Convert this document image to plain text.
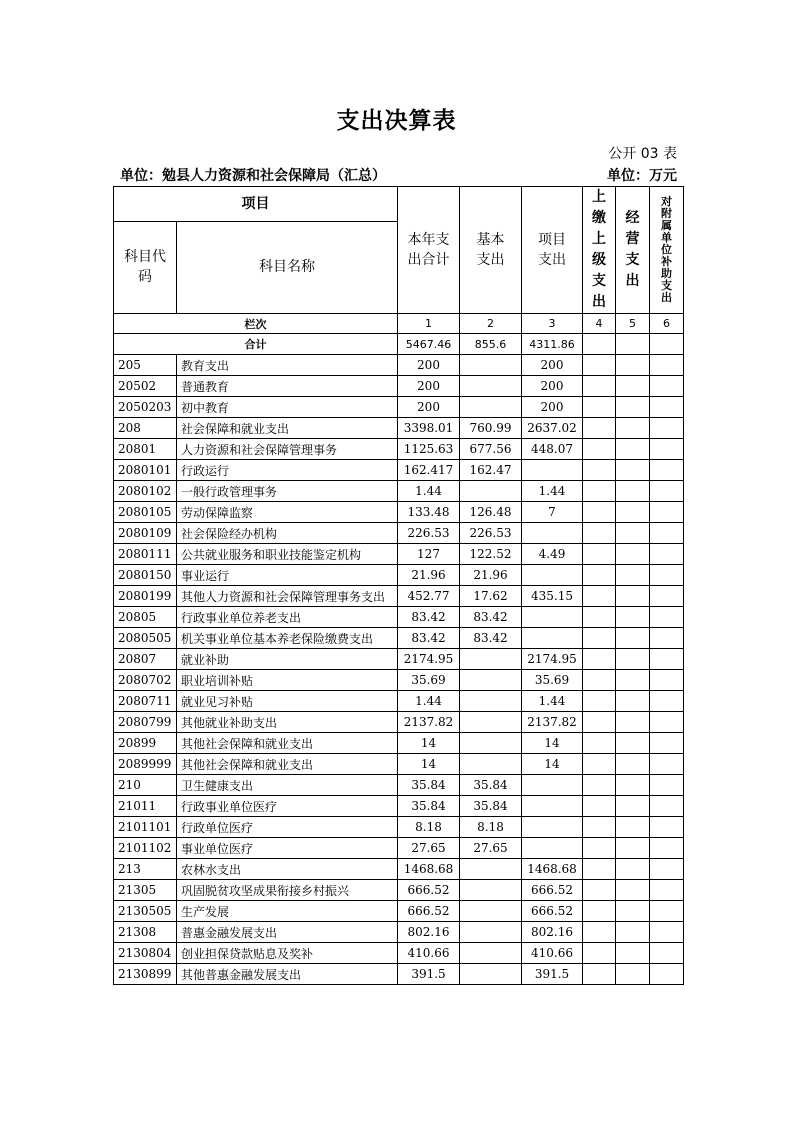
支出决算表
公开 03 表
单位：勉县人力资源和社会保障局（汇总）	单位：万元
项目		本年支出合计	基本支出	项目支出	上缴上级支出	经营支出	对附属单位补助支出

科目代码	科目名称						
栏次		1	2	3	4	5	6
合计		5467.46	855.6	4311.86			
205	教育支出	200		200			
20502	普通教育	200		200			
2050203	初中教育	200		200			
208	社会保障和就业支出	3398.01	760.99	2637.02			
20801	人力资源和社会保障管理事务	1125.63	677.56	448.07			
2080101	行政运行	162.417	162.47				
2080102	一般行政管理事务	1.44		1.44			
2080105	劳动保障监察	133.48	126.48	7			
2080109	社会保险经办机构	226.53	226.53				
2080111	公共就业服务和职业技能鉴定机构	127	122.52	4.49			
2080150	事业运行	21.96	21.96				
2080199	其他人力资源和社会保障管理事务支出	452.77	17.62	435.15			
20805	行政事业单位养老支出	83.42	83.42				
2080505	机关事业单位基本养老保险缴费支出	83.42	83.42				
20807	就业补助	2174.95		2174.95			
2080702	职业培训补贴	35.69		35.69			
2080711	就业见习补贴	1.44		1.44			
2080799	其他就业补助支出	2137.82		2137.82			
20899	其他社会保障和就业支出	14		14			
2089999	其他社会保障和就业支出	14		14			
210	卫生健康支出	35.84	35.84				
21011	行政事业单位医疗	35.84	35.84				
2101101	行政单位医疗	8.18	8.18				
2101102	事业单位医疗	27.65	27.65				
213	农林水支出	1468.68		1468.68			
21305	巩固脱贫攻坚成果衔接乡村振兴	666.52		666.52			
2130505	生产发展	666.52		666.52			
21308	普惠金融发展支出	802.16		802.16			
2130804	创业担保贷款贴息及奖补	410.66		410.66			
2130899	其他普惠金融发展支出	391.5		391.5			
